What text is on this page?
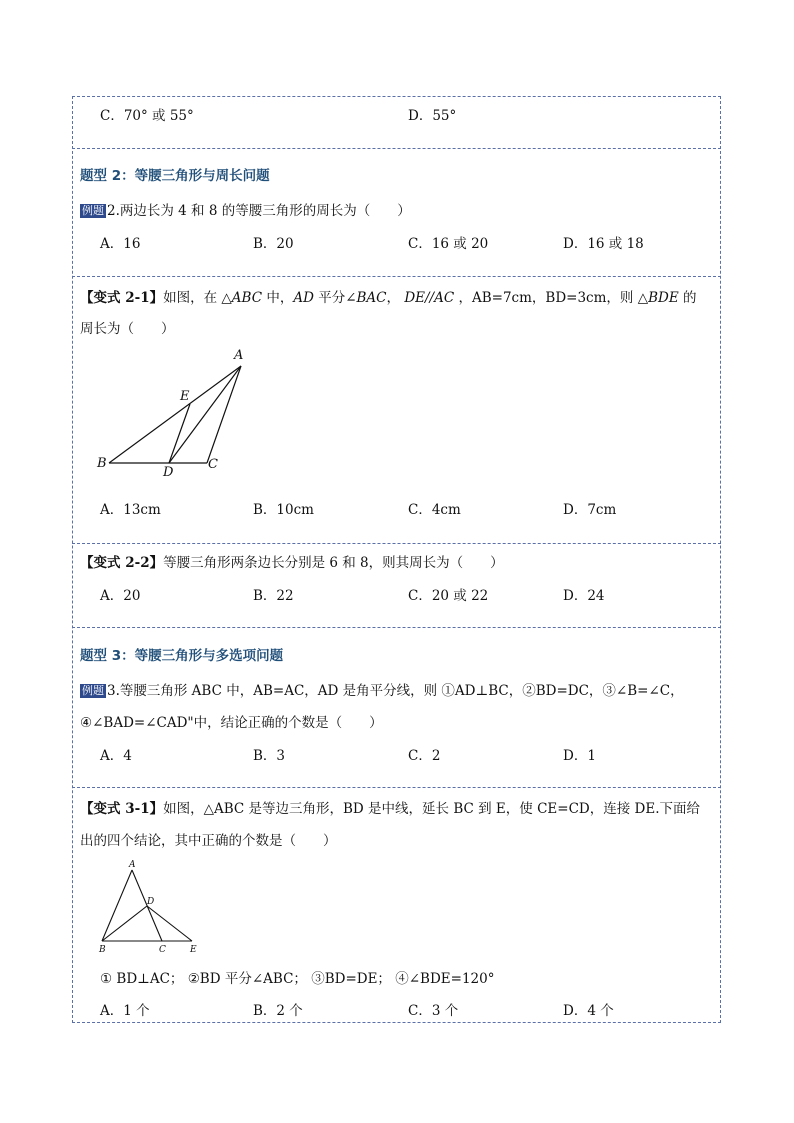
C．70° 或 55°	D．55°
题型 2：等腰三角形与周长问题
例题 2.两边长为 4 和 8 的等腰三角形的周长为（　　）
A．16	B．20	C．16 或 20	D．16 或 18
【变式 2-1】如图，在 △ABC 中，AD 平分∠BAC， DE//AC ，AB=7cm，BD=3cm，则 △BDE 的
周长为（　　）
A
E
B
D
C
A．13cm	B．10cm	C．4cm	D．7cm
【变式 2-2】等腰三角形两条边长分别是 6 和 8，则其周长为（　　）
A．20	B．22	C．20 或 22	D．24
题型 3：等腰三角形与多选项问题
例题 3.等腰三角形 ABC 中，AB=AC，AD 是角平分线，则 ①AD⊥BC，②BD=DC，③∠B=∠C，
④∠BAD=∠CAD"中，结论正确的个数是（　　）
A．4	B．3	C．2	D．1
【变式 3-1】如图，△ABC 是等边三角形，BD 是中线，延长 BC 到 E，使 CE=CD，连接 DE.下面给
出的四个结论，其中正确的个数是（　　）
A
D
B	C	E
① BD⊥AC； ②BD 平分∠ABC； ③BD=DE； ④∠BDE=120°
A．1 个	B．2 个	C．3 个	D．4 个
